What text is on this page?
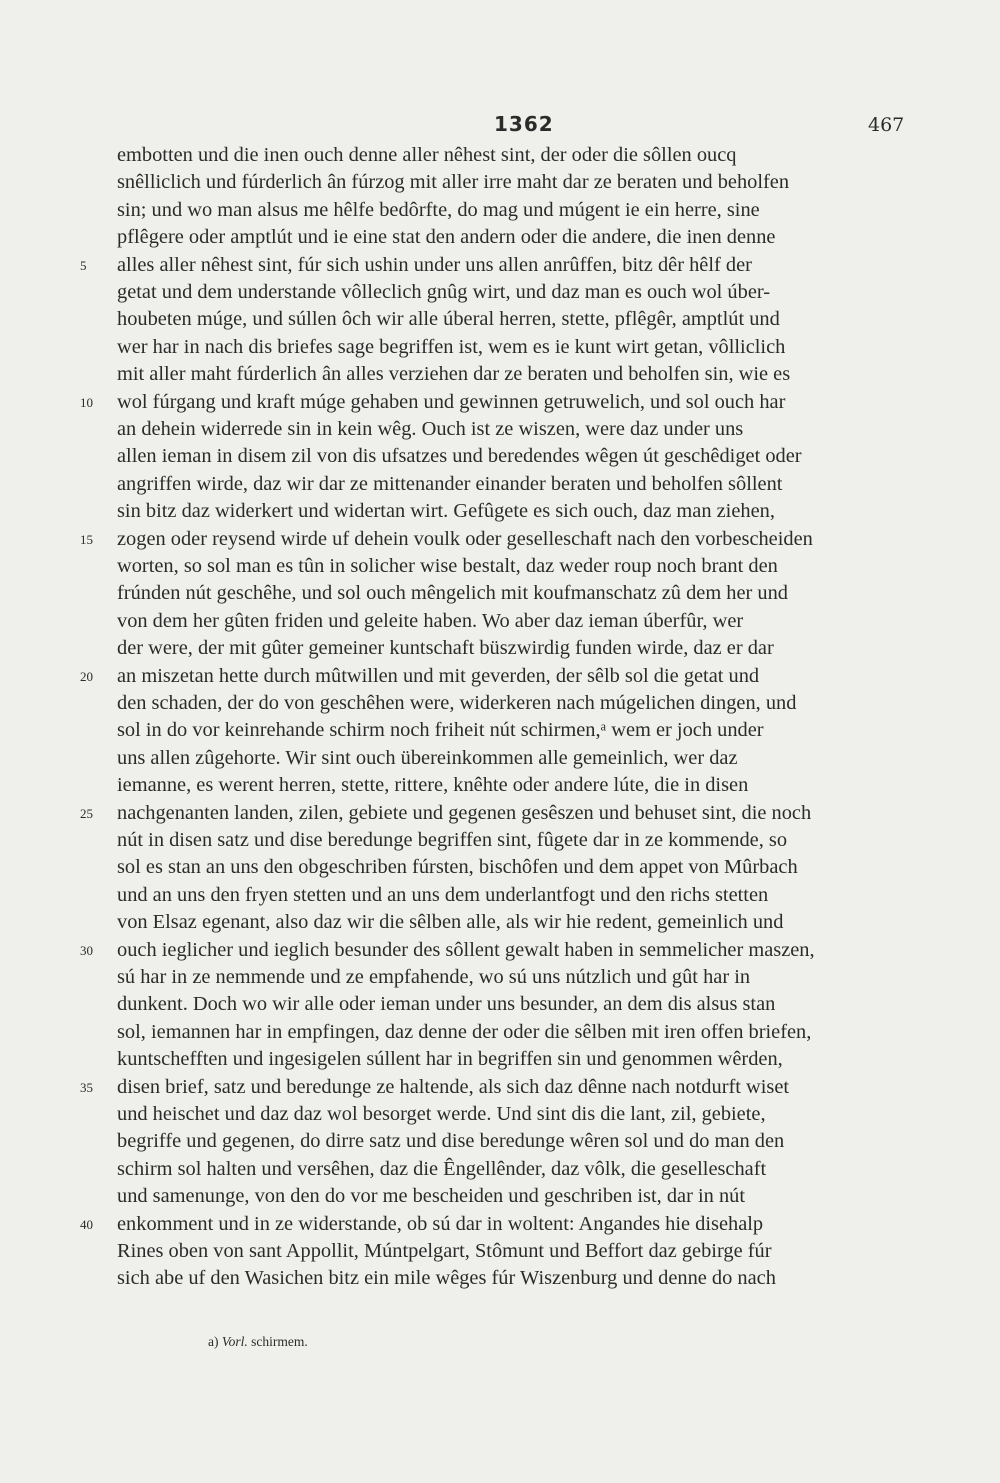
1362	467
embotten und die inen ouch denne aller nêhest sint, der oder die sôllen oucq
snêlliclich und fúrderlich ân fúrzog mit aller irre maht dar ze beraten und beholfen
sin; und wo man alsus me hêlfe bedôrfte, do mag und múgent ie ein herre, sine
pflêgere oder amptlút und ie eine stat den andern oder die andere, die inen denne
alles aller nêhest sint, fúr sich ushin under uns allen anrûffen, bitz dêr hêlf der
getat und dem understande vôlleclich gnûg wirt, und daz man es ouch wol úber-
houbeten múge, und súllen ôch wir alle úberal herren, stette, pflêgêr, amptlút und
wer har in nach dis briefes sage begriffen ist, wem es ie kunt wirt getan, vôlliclich
mit aller maht fúrderlich ân alles verziehen dar ze beraten und beholfen sin, wie es
wol fúrgang und kraft múge gehaben und gewinnen getruwelich, und sol ouch har
an dehein widerrede sin in kein wêg. Ouch ist ze wiszen, were daz under uns
allen ieman in disem zil von dis ufsatzes und beredendes wêgen út geschêdiget oder
angriffen wirde, daz wir dar ze mittenander einander beraten und beholfen sôllent
sin bitz daz widerkert und widertan wirt. Gefûgete es sich ouch, daz man ziehen,
zogen oder reysend wirde uf dehein voulk oder geselleschaft nach den vorbescheiden
worten, so sol man es tûn in solicher wise bestalt, daz weder roup noch brant den
frúnden nút geschêhe, und sol ouch mêngelich mit koufmanschatz zû dem her und
von dem her gûten friden und geleite haben. Wo aber daz ieman úberfûr, wer
der were, der mit gûter gemeiner kuntschaft büszwirdig funden wirde, daz er dar
an miszetan hette durch mûtwillen und mit geverden, der sêlb sol die getat und
den schaden, der do von geschêhen were, widerkeren nach múgelichen dingen, und
sol in do vor keinrehande schirm noch friheit nút schirmen,ᵃ wem er joch under
uns allen zûgehorte. Wir sint ouch übereinkommen alle gemeinlich, wer daz
iemanne, es werent herren, stette, rittere, knêhte oder andere lúte, die in disen
nachgenanten landen, zilen, gebiete und gegenen gesêszen und behuset sint, die noch
nút in disen satz und dise beredunge begriffen sint, fûgete dar in ze kommende, so
sol es stan an uns den obgeschriben fúrsten, bischôfen und dem appet von Mûrbach
und an uns den fryen stetten und an uns dem underlantfogt und den richs stetten
von Elsaz egenant, also daz wir die sêlben alle, als wir hie redent, gemeinlich und
ouch ieglicher und ieglich besunder des sôllent gewalt haben in semmelicher maszen,
sú har in ze nemmende und ze empfahende, wo sú uns nútzlich und gût har in
dunkent. Doch wo wir alle oder ieman under uns besunder, an dem dis alsus stan
sol, iemannen har in empfingen, daz denne der oder die sêlben mit iren offen briefen,
kuntschefften und ingesigelen súllent har in begriffen sin und genommen wêrden,
disen brief, satz und beredunge ze haltende, als sich daz dênne nach notdurft wiset
und heischet und daz daz wol besorget werde. Und sint dis die lant, zil, gebiete,
begriffe und gegenen, do dirre satz und dise beredunge wêren sol und do man den
schirm sol halten und versêhen, daz die Êngellênder, daz vôlk, die geselleschaft
und samenunge, von den do vor me bescheiden und geschriben ist, dar in nút
enkomment und in ze widerstande, ob sú dar in woltent: Angandes hie disehalp
Rines oben von sant Appollit, Múntpelgart, Stômunt und Beffort daz gebirge fúr
sich abe uf den Wasichen bitz ein mile wêges fúr Wiszenburg und denne do nach
5
10
15
20
25
30
35
40
a) Vorl. schirmem.
